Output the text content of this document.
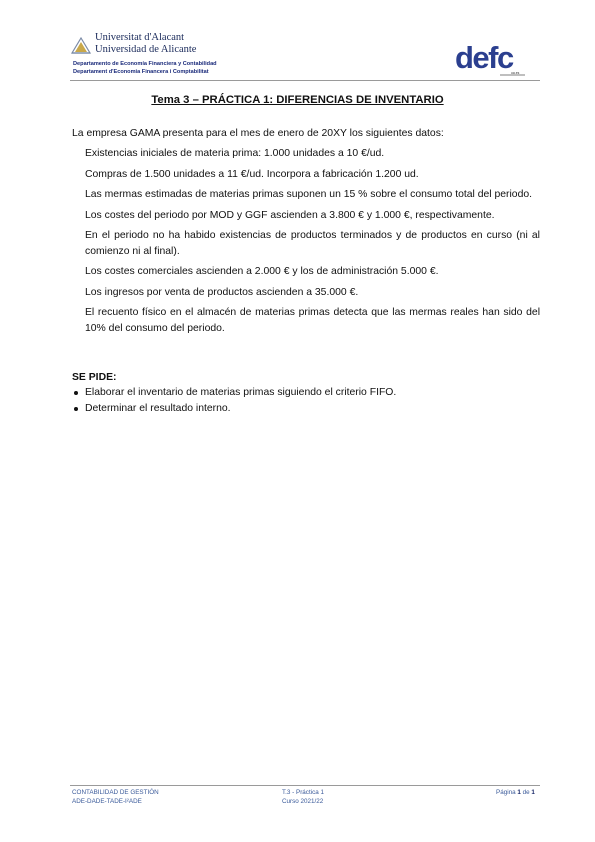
Universitat d'Alacant
Universidad de Alicante
Departamento de Economía Financiera y Contabilidad
Departament d'Economia Financera i Comptabilitat	defc
ua.es
Tema 3 – PRÁCTICA 1: DIFERENCIAS DE INVENTARIO
La empresa GAMA presenta para el mes de enero de 20XY los siguientes datos:

Existencias iniciales de materia prima: 1.000 unidades a 10 €/ud.

Compras de 1.500 unidades a 11 €/ud. Incorpora a fabricación 1.200 ud.

Las mermas estimadas de materias primas suponen un 15 % sobre el consumo total del periodo.

Los costes del periodo por MOD y GGF ascienden a 3.800 € y 1.000 €, respectivamente.

En el periodo no ha habido existencias de productos terminados y de productos en curso (ni al comienzo ni al final).

Los costes comerciales ascienden a 2.000 € y los de administración 5.000 €.

Los ingresos por venta de productos ascienden a 35.000 €.

El recuento físico en el almacén de materias primas detecta que las mermas reales han sido del 10% del consumo del periodo.

SE PIDE:
Elaborar el inventario de materias primas siguiendo el criterio FIFO.
Determinar el resultado interno.
CONTABILIDAD DE GESTIÓN
ADE-DADE-TADE-I²ADE
T.3 - Práctica 1
Curso 2021/22
Página 1 de 1
